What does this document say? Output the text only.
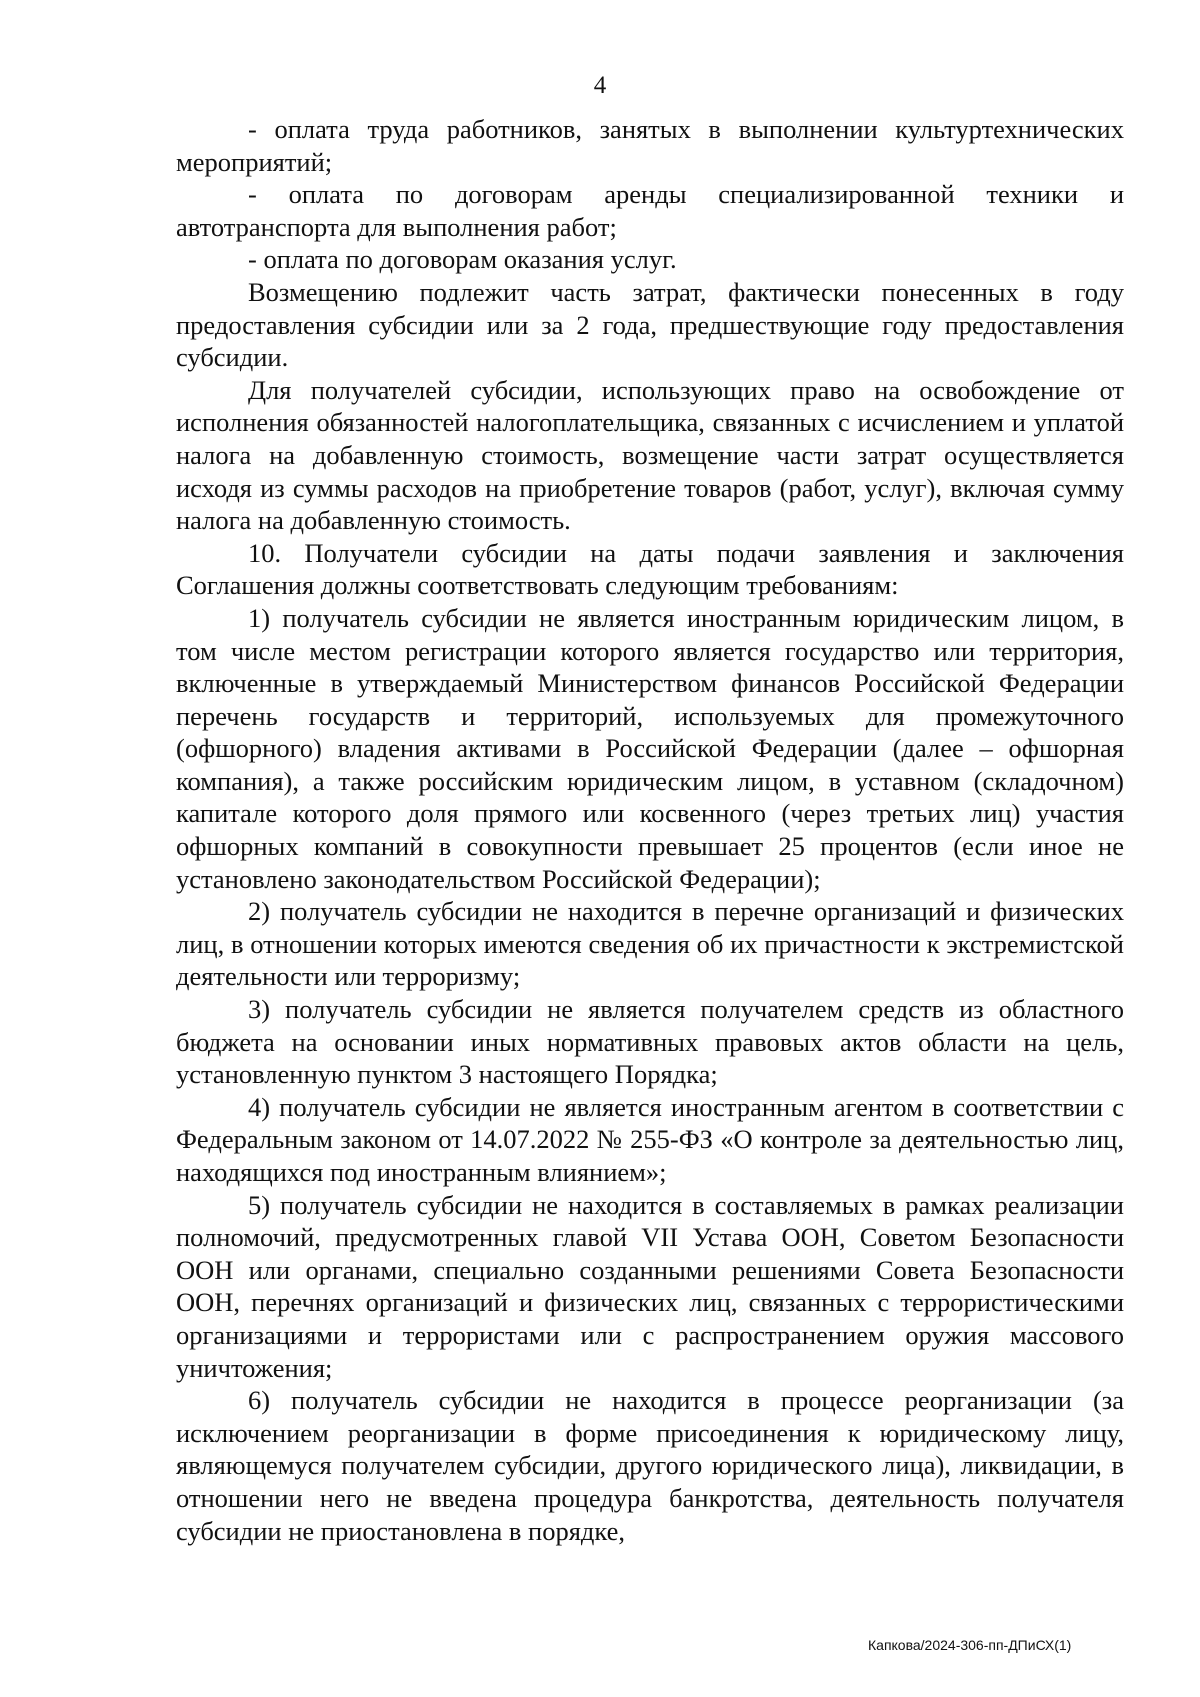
4

- оплата труда работников, занятых в выполнении культуртехнических мероприятий;

- оплата по договорам аренды специализированной техники и автотранспорта для выполнения работ;

- оплата по договорам оказания услуг.

Возмещению подлежит часть затрат, фактически понесенных в году предоставления субсидии или за 2 года, предшествующие году предоставления субсидии.

Для получателей субсидии, использующих право на освобождение от исполнения обязанностей налогоплательщика, связанных с исчислением и уплатой налога на добавленную стоимость, возмещение части затрат осуществляется исходя из суммы расходов на приобретение товаров (работ, услуг), включая сумму налога на добавленную стоимость.

10. Получатели субсидии на даты подачи заявления и заключения Соглашения должны соответствовать следующим требованиям:

1) получатель субсидии не является иностранным юридическим лицом, в том числе местом регистрации которого является государство или территория, включенные в утверждаемый Министерством финансов Российской Федерации перечень государств и территорий, используемых для промежуточного (офшорного) владения активами в Российской Федерации (далее – офшорная компания), а также российским юридическим лицом, в уставном (складочном) капитале которого доля прямого или косвенного (через третьих лиц) участия офшорных компаний в совокупности превышает 25 процентов (если иное не установлено законодательством Российской Федерации);

2) получатель субсидии не находится в перечне организаций и физических лиц, в отношении которых имеются сведения об их причастности к экстремистской деятельности или терроризму;

3) получатель субсидии не является получателем средств из областного бюджета на основании иных нормативных правовых актов области на цель, установленную пунктом 3 настоящего Порядка;

4) получатель субсидии не является иностранным агентом в соответствии с Федеральным законом от 14.07.2022 № 255-ФЗ «О контроле за деятельностью лиц, находящихся под иностранным влиянием»;

5) получатель субсидии не находится в составляемых в рамках реализации полномочий, предусмотренных главой VII Устава ООН, Советом Безопасности ООН или органами, специально созданными решениями Совета Безопасности ООН, перечнях организаций и физических лиц, связанных с террористическими организациями и террористами или с распространением оружия массового уничтожения;

6) получатель субсидии не находится в процессе реорганизации (за исключением реорганизации в форме присоединения к юридическому лицу, являющемуся получателем субсидии, другого юридического лица), ликвидации, в отношении него не введена процедура банкротства, деятельность получателя субсидии не приостановлена в порядке,

Капкова/2024-306-пп-ДПиСХ(1)
